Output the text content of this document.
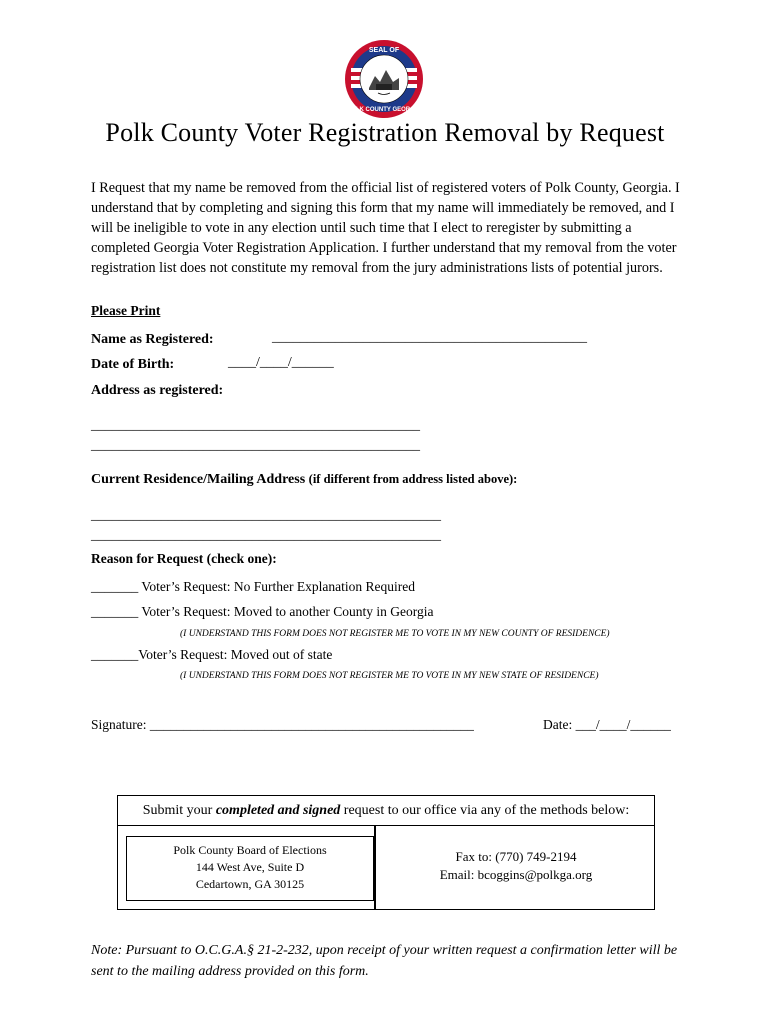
SEAL OF
POLK COUNTY GEORGIA
Polk County Voter Registration Removal by Request

I Request that my name be removed from the official list of registered voters of Polk County, Georgia. I understand that by completing and signing this form that my name will immediately be removed, and I will be ineligible to vote in any election until such time that I elect to reregister by submitting a completed Georgia Voter Registration Application. I further understand that my removal from the voter registration list does not constitute my removal from the jury administrations lists of potential jurors.

Please Print
Name as Registered:	_____________________________________________
Date of Birth:	____/____/______
Address as registered:
_______________________________________________
_______________________________________________
Current Residence/Mailing Address (if different from address listed above):
__________________________________________________
__________________________________________________
Reason for Request (check one):
_______ Voter’s Request: No Further Explanation Required
_______ Voter’s Request: Moved to another County in Georgia
(I UNDERSTAND THIS FORM DOES NOT REGISTER ME TO VOTE IN MY NEW COUNTY OF RESIDENCE)
_______Voter’s Request: Moved out of state
(I UNDERSTAND THIS FORM DOES NOT REGISTER ME TO VOTE IN MY NEW STATE OF RESIDENCE)
Signature: ________________________________________________	Date: ___/____/______
Submit your completed and signed request to our office via any of the methods below:
Polk County Board of Elections
144 West Ave, Suite D
Cedartown, GA 30125
Fax to: (770) 749-2194
Email: bcoggins@polkga.org
Note: Pursuant to O.C.G.A.§ 21-2-232, upon receipt of your written request a confirmation letter will be sent to the mailing address provided on this form.
